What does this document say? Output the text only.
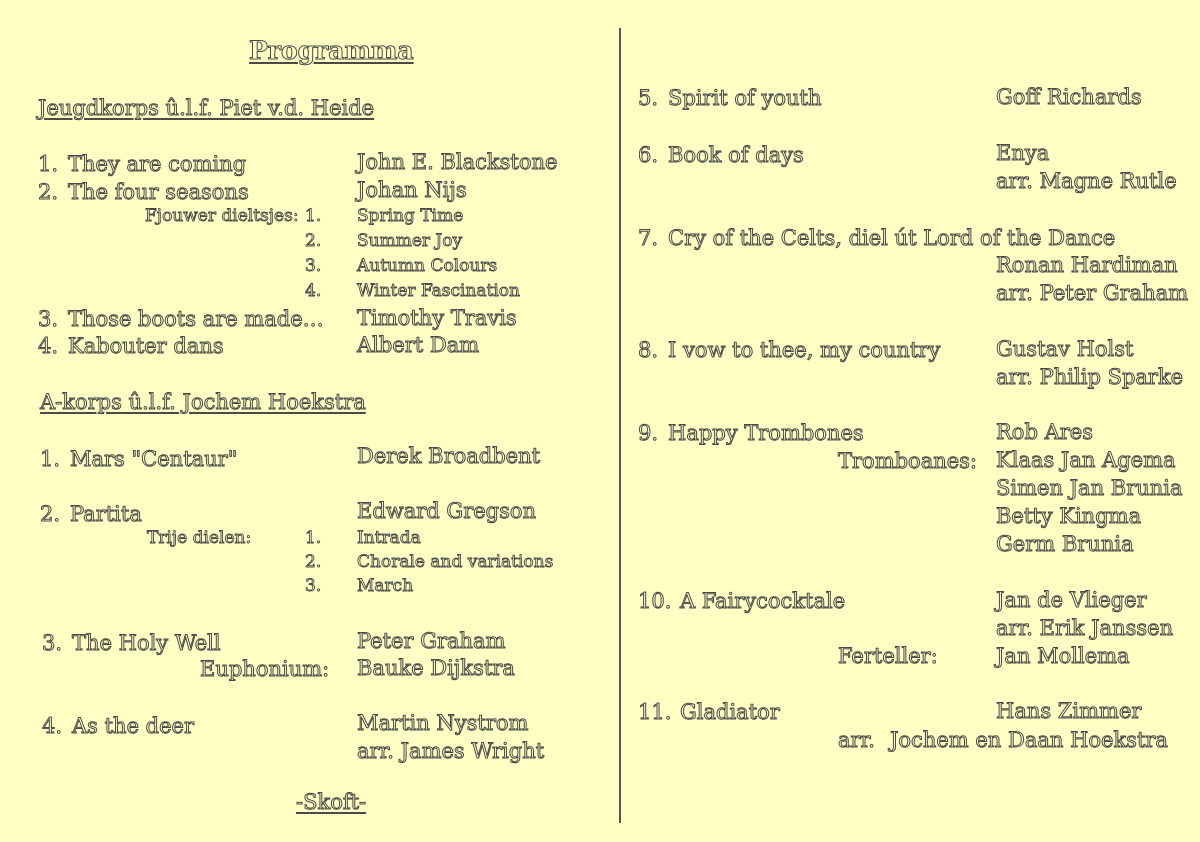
Programma
Jeugdkorps û.l.f. Piet v.d. Heide
1. They are coming	John E. Blackstone
2. The four seasons	Johan Nijs
Fjouwer dieltsjes: 1. Spring Time
2. Summer Joy
3. Autumn Colours
4. Winter Fascination
3. Those boots are made… Timothy Travis
4. Kabouter dans	Albert Dam
A-korps û.l.f. Jochem Hoekstra
1. Mars "Centaur"	Derek Broadbent
2. Partita	Edward Gregson
Trije dielen:	1. Intrada
2. Chorale and variations
3. March
3. The Holy Well	Peter Graham
Euphonium: Bauke Dijkstra
4. As the deer	Martin Nystrom
arr. James Wright
-Skoft-
5. Spirit of youth	Goff Richards
6. Book of days	Enya
arr. Magne Rutle
7. Cry of the Celts, diel út Lord of the Dance
Ronan Hardiman
arr. Peter Graham
8. I vow to thee, my country	Gustav Holst
arr. Philip Sparke
9. Happy Trombones	Rob Ares
Tromboanes: Klaas Jan Agema
Simen Jan Brunia
Betty Kingma
Germ Brunia
10. A Fairycocktale	Jan de Vlieger
arr. Erik Janssen
Ferteller:	Jan Mollema
11. Gladiator	Hans Zimmer
arr. Jochem en Daan Hoekstra
